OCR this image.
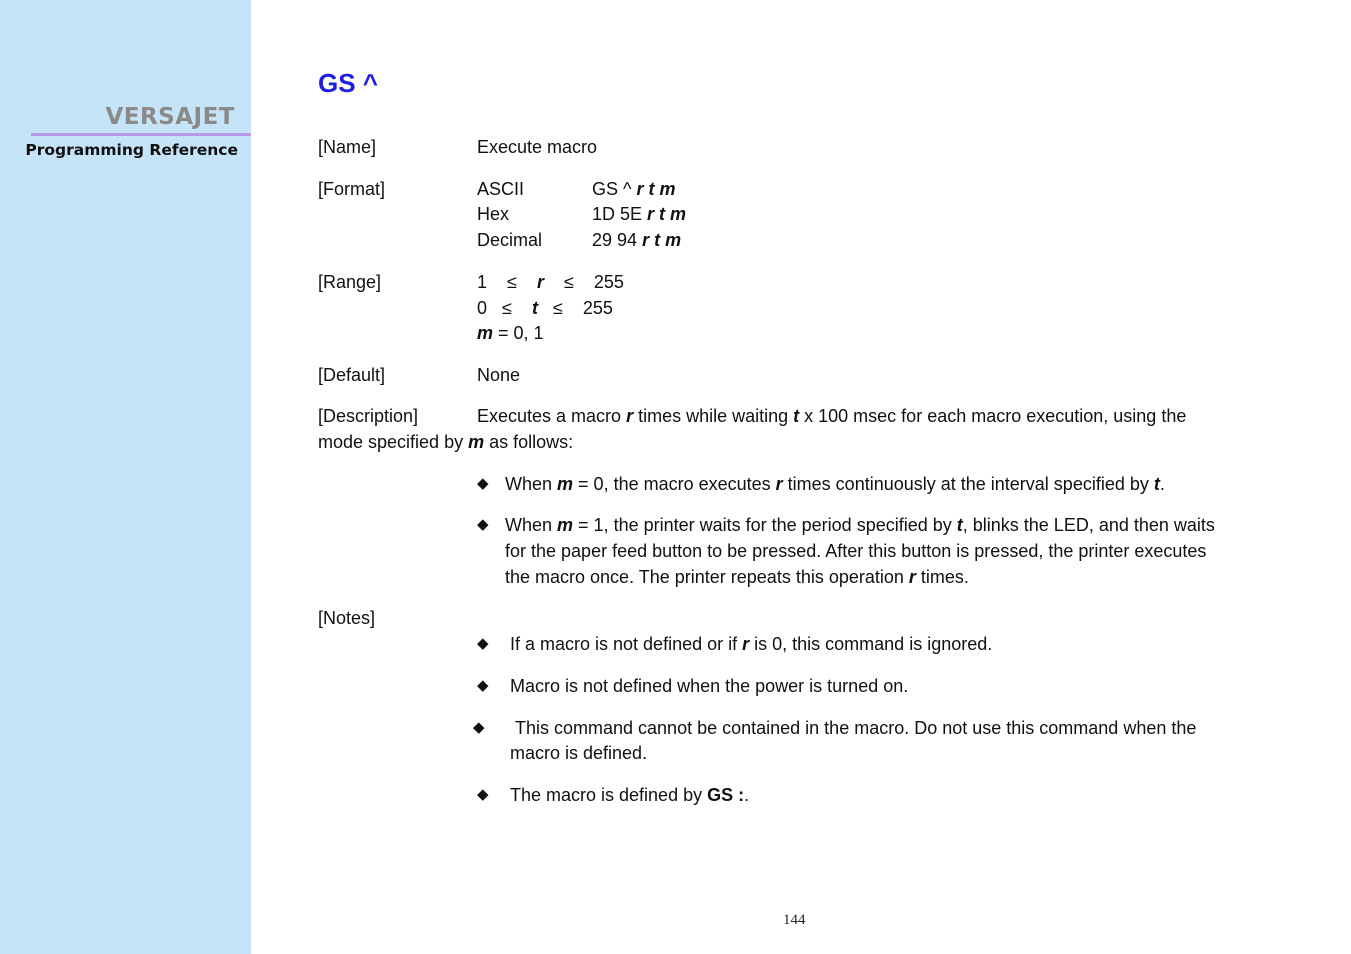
VERSAJET
Programming Reference
GS ^
[Name]	Execute macro
[Format]	ASCII	GS ^ r t m
Hex	1D 5E r t m
Decimal	29 94 r t m
[Range]	1 ≤ r ≤ 255
0 ≤ t ≤ 255
m = 0, 1
[Default]	None
[Description]	Executes a macro r times while waiting t x 100 msec for each macro execution, using the
mode specified by m as follows:
◆ When m = 0, the macro executes r times continuously at the interval specified by t.
◆ When m = 1, the printer waits for the period specified by t, blinks the LED, and then waits
for the paper feed button to be pressed. After this button is pressed, the printer executes
the macro once. The printer repeats this operation r times.
[Notes]
◆ If a macro is not defined or if r is 0, this command is ignored.
◆ Macro is not defined when the power is turned on.
◆ This command cannot be contained in the macro. Do not use this command when the
macro is defined.
◆ The macro is defined by GS :.
144
